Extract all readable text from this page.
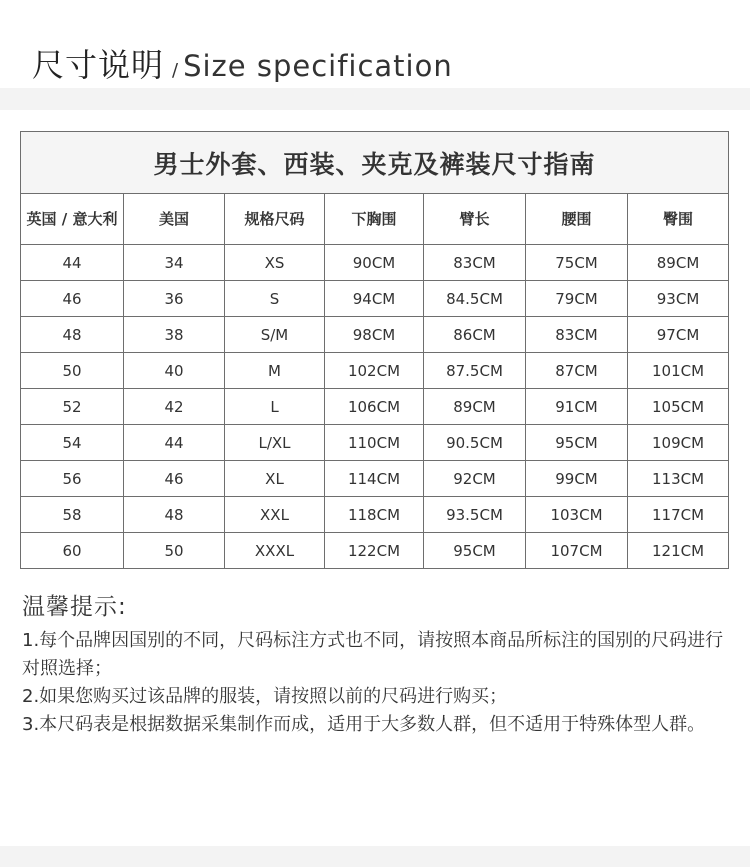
尺寸说明 / Size specification
男士外套、西装、夹克及裤装尺寸指南						
英国 / 意大利	美国	规格尺码	下胸围	臂长	腰围	臀围
44	34	XS	90CM	83CM	75CM	89CM
46	36	S	94CM	84.5CM	79CM	93CM
48	38	S/M	98CM	86CM	83CM	97CM
50	40	M	102CM	87.5CM	87CM	101CM
52	42	L	106CM	89CM	91CM	105CM
54	44	L/XL	110CM	90.5CM	95CM	109CM
56	46	XL	114CM	92CM	99CM	113CM
58	48	XXL	118CM	93.5CM	103CM	117CM
60	50	XXXL	122CM	95CM	107CM	121CM
温馨提示:
1.每个品牌因国别的不同，尺码标注方式也不同，请按照本商品所标注的国别的尺码进行对照选择；
2.如果您购买过该品牌的服装，请按照以前的尺码进行购买；
3.本尺码表是根据数据采集制作而成，适用于大多数人群，但不适用于特殊体型人群。
